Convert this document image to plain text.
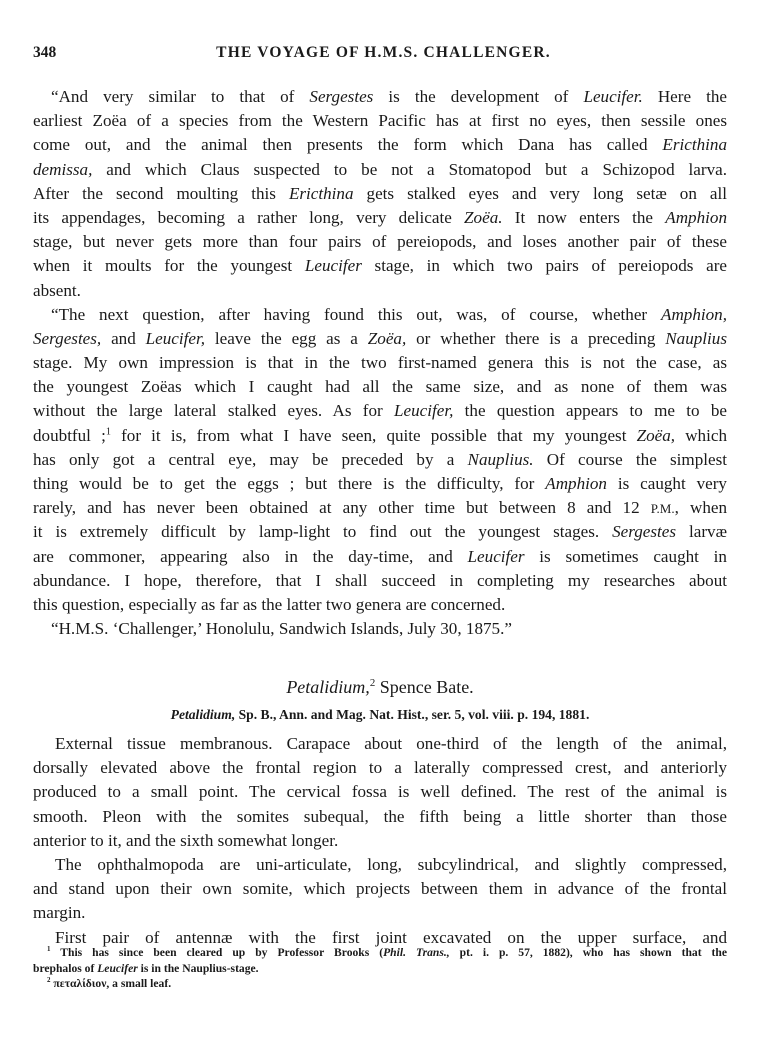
348	THE VOYAGE OF H.M.S. CHALLENGER.
“And very similar to that of Sergestes is the development of Leucifer. Here the
earliest Zoëa of a species from the Western Pacific has at first no eyes, then sessile ones
come out, and the animal then presents the form which Dana has called Ericthina
demissa, and which Claus suspected to be not a Stomatopod but a Schizopod larva.
After the second moulting this Ericthina gets stalked eyes and very long setæ on all
its appendages, becoming a rather long, very delicate Zoëa. It now enters the Amphion
stage, but never gets more than four pairs of pereiopods, and loses another pair of these
when it moults for the youngest Leucifer stage, in which two pairs of pereiopods are
absent.
“The next question, after having found this out, was, of course, whether Amphion,
Sergestes, and Leucifer, leave the egg as a Zoëa, or whether there is a preceding Nauplius
stage. My own impression is that in the two first-named genera this is not the case, as
the youngest Zoëas which I caught had all the same size, and as none of them was
without the large lateral stalked eyes. As for Leucifer, the question appears to me to be
doubtful ;$^1$ for it is, from what I have seen, quite possible that my youngest Zoëa, which
has only got a central eye, may be preceded by a Nauplius. Of course the simplest
thing would be to get the eggs ; but there is the difficulty, for Amphion is caught very
rarely, and has never been obtained at any other time but between 8 and 12 P.M., when
it is extremely difficult by lamp-light to find out the youngest stages. Sergestes larvæ
are commoner, appearing also in the day-time, and Leucifer is sometimes caught in
abundance. I hope, therefore, that I shall succeed in completing my researches about
this question, especially as far as the latter two genera are concerned.
“H.M.S. ‘Challenger,’ Honolulu, Sandwich Islands, July 30, 1875.”
Petalidium,$^2$ Spence Bate.
Petalidium, Sp. B., Ann. and Mag. Nat. Hist., ser. 5, vol. viii. p. 194, 1881.
External tissue membranous. Carapace about one-third of the length of the animal,
dorsally elevated above the frontal region to a laterally compressed crest, and anteriorly
produced to a small point. The cervical fossa is well defined. The rest of the animal is
smooth. Pleon with the somites subequal, the fifth being a little shorter than those
anterior to it, and the sixth somewhat longer.
The ophthalmopoda are uni-articulate, long, subcylindrical, and slightly compressed,
and stand upon their own somite, which projects between them in advance of the frontal
margin.
First pair of antennæ with the first joint excavated on the upper surface, and
$^1$ This has since been cleared up by Professor Brooks (Phil. Trans., pt. i. p. 57, 1882), who has shown that the
brephalos of Leucifer is in the Nauplius-stage.
$^2$ πεταλίδιον, a small leaf.
